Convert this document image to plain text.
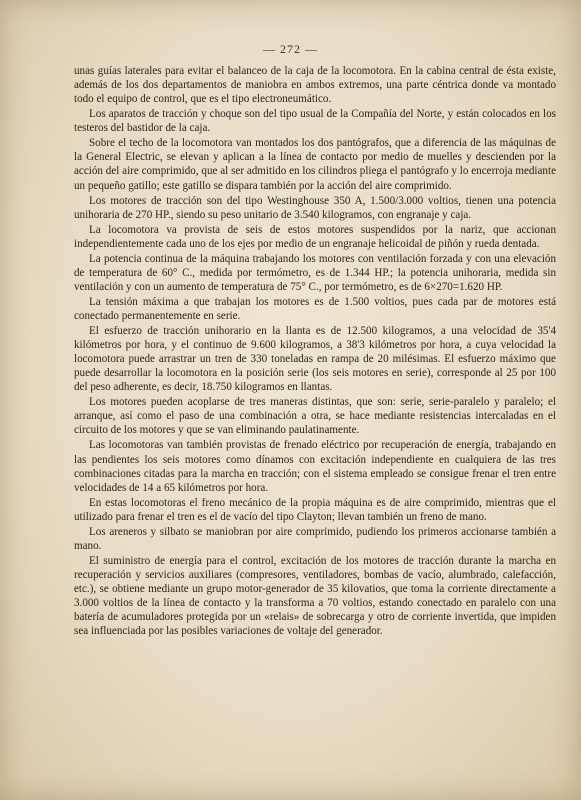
— 272 —

unas guías laterales para evitar el balanceo de la caja de la locomotora. En la cabina central de ésta existe, además de los dos departamentos de maniobra en ambos extremos, una parte céntrica donde va montado todo el equipo de control, que es el tipo electroneumático.

Los aparatos de tracción y choque son del tipo usual de la Compañía del Norte, y están colocados en los testeros del bastidor de la caja.

Sobre el techo de la locomotora van montados los dos pantógrafos, que a diferencia de las máquinas de la General Electric, se elevan y aplican a la línea de contacto por medio de muelles y descienden por la acción del aire comprimido, que al ser admitido en los cilindros pliega el pantógrafo y lo encerroja mediante un pequeño gatillo; este gatillo se dispara también por la acción del aire comprimido.

Los motores de tracción son del tipo Westinghouse 350 A, 1.500/3.000 voltios, tienen una potencia unihoraria de 270 HP., siendo su peso unitario de 3.540 kilogramos, con engranaje y caja.

La locomotora va provista de seis de estos motores suspendidos por la nariz, que accionan independientemente cada uno de los ejes por medio de un engranaje helicoidal de piñón y rueda dentada.

La potencia continua de la máquina trabajando los motores con ventilación forzada y con una elevación de temperatura de 60° C., medida por termómetro, es de 1.344 HP.; la potencia unihoraria, medida sin ventilación y con un aumento de temperatura de 75° C., por termómetro, es de 6×270=1.620 HP.

La tensión máxima a que trabajan los motores es de 1.500 voltios, pues cada par de motores está conectado permanentemente en serie.

El esfuerzo de tracción unihorario en la llanta es de 12.500 kilogramos, a una velocidad de 35'4 kilómetros por hora, y el continuo de 9.600 kilogramos, a 38'3 kilómetros por hora, a cuya velocidad la locomotora puede arrastrar un tren de 330 toneladas en rampa de 20 milésimas. El esfuerzo máximo que puede desarrollar la locomotora en la posición serie (los seis motores en serie), corresponde al 25 por 100 del peso adherente, es decir, 18.750 kilogramos en llantas.

Los motores pueden acoplarse de tres maneras distintas, que son: serie, serie-paralelo y paralelo; el arranque, así como el paso de una combinación a otra, se hace mediante resistencias intercaladas en el circuito de los motores y que se van eliminando paulatinamente.

Las locomotoras van también provistas de frenado eléctrico por recuperación de energía, trabajando en las pendientes los seis motores como dínamos con excitación independiente en cualquiera de las tres combinaciones citadas para la marcha en tracción; con el sistema empleado se consigue frenar el tren entre velocidades de 14 a 65 kilómetros por hora.

En estas locomotoras el freno mecánico de la propia máquina es de aire comprimido, mientras que el utilizado para frenar el tren es el de vacío del tipo Clayton; llevan también un freno de mano.

Los areneros y silbato se maniobran por aire comprimido, pudiendo los primeros accionarse también a mano.

El suministro de energía para el control, excitación de los motores de tracción durante la marcha en recuperación y servicios auxiliares (compresores, ventiladores, bombas de vacío, alumbrado, calefacción, etc.), se obtiene mediante un grupo motor-generador de 35 kilovatios, que toma la corriente directamente a 3.000 voltios de la línea de contacto y la transforma a 70 voltios, estando conectado en paralelo con una batería de acumuladores protegida por un «relais» de sobrecarga y otro de corriente invertida, que impiden sea influenciada por las posibles variaciones de voltaje del generador.
